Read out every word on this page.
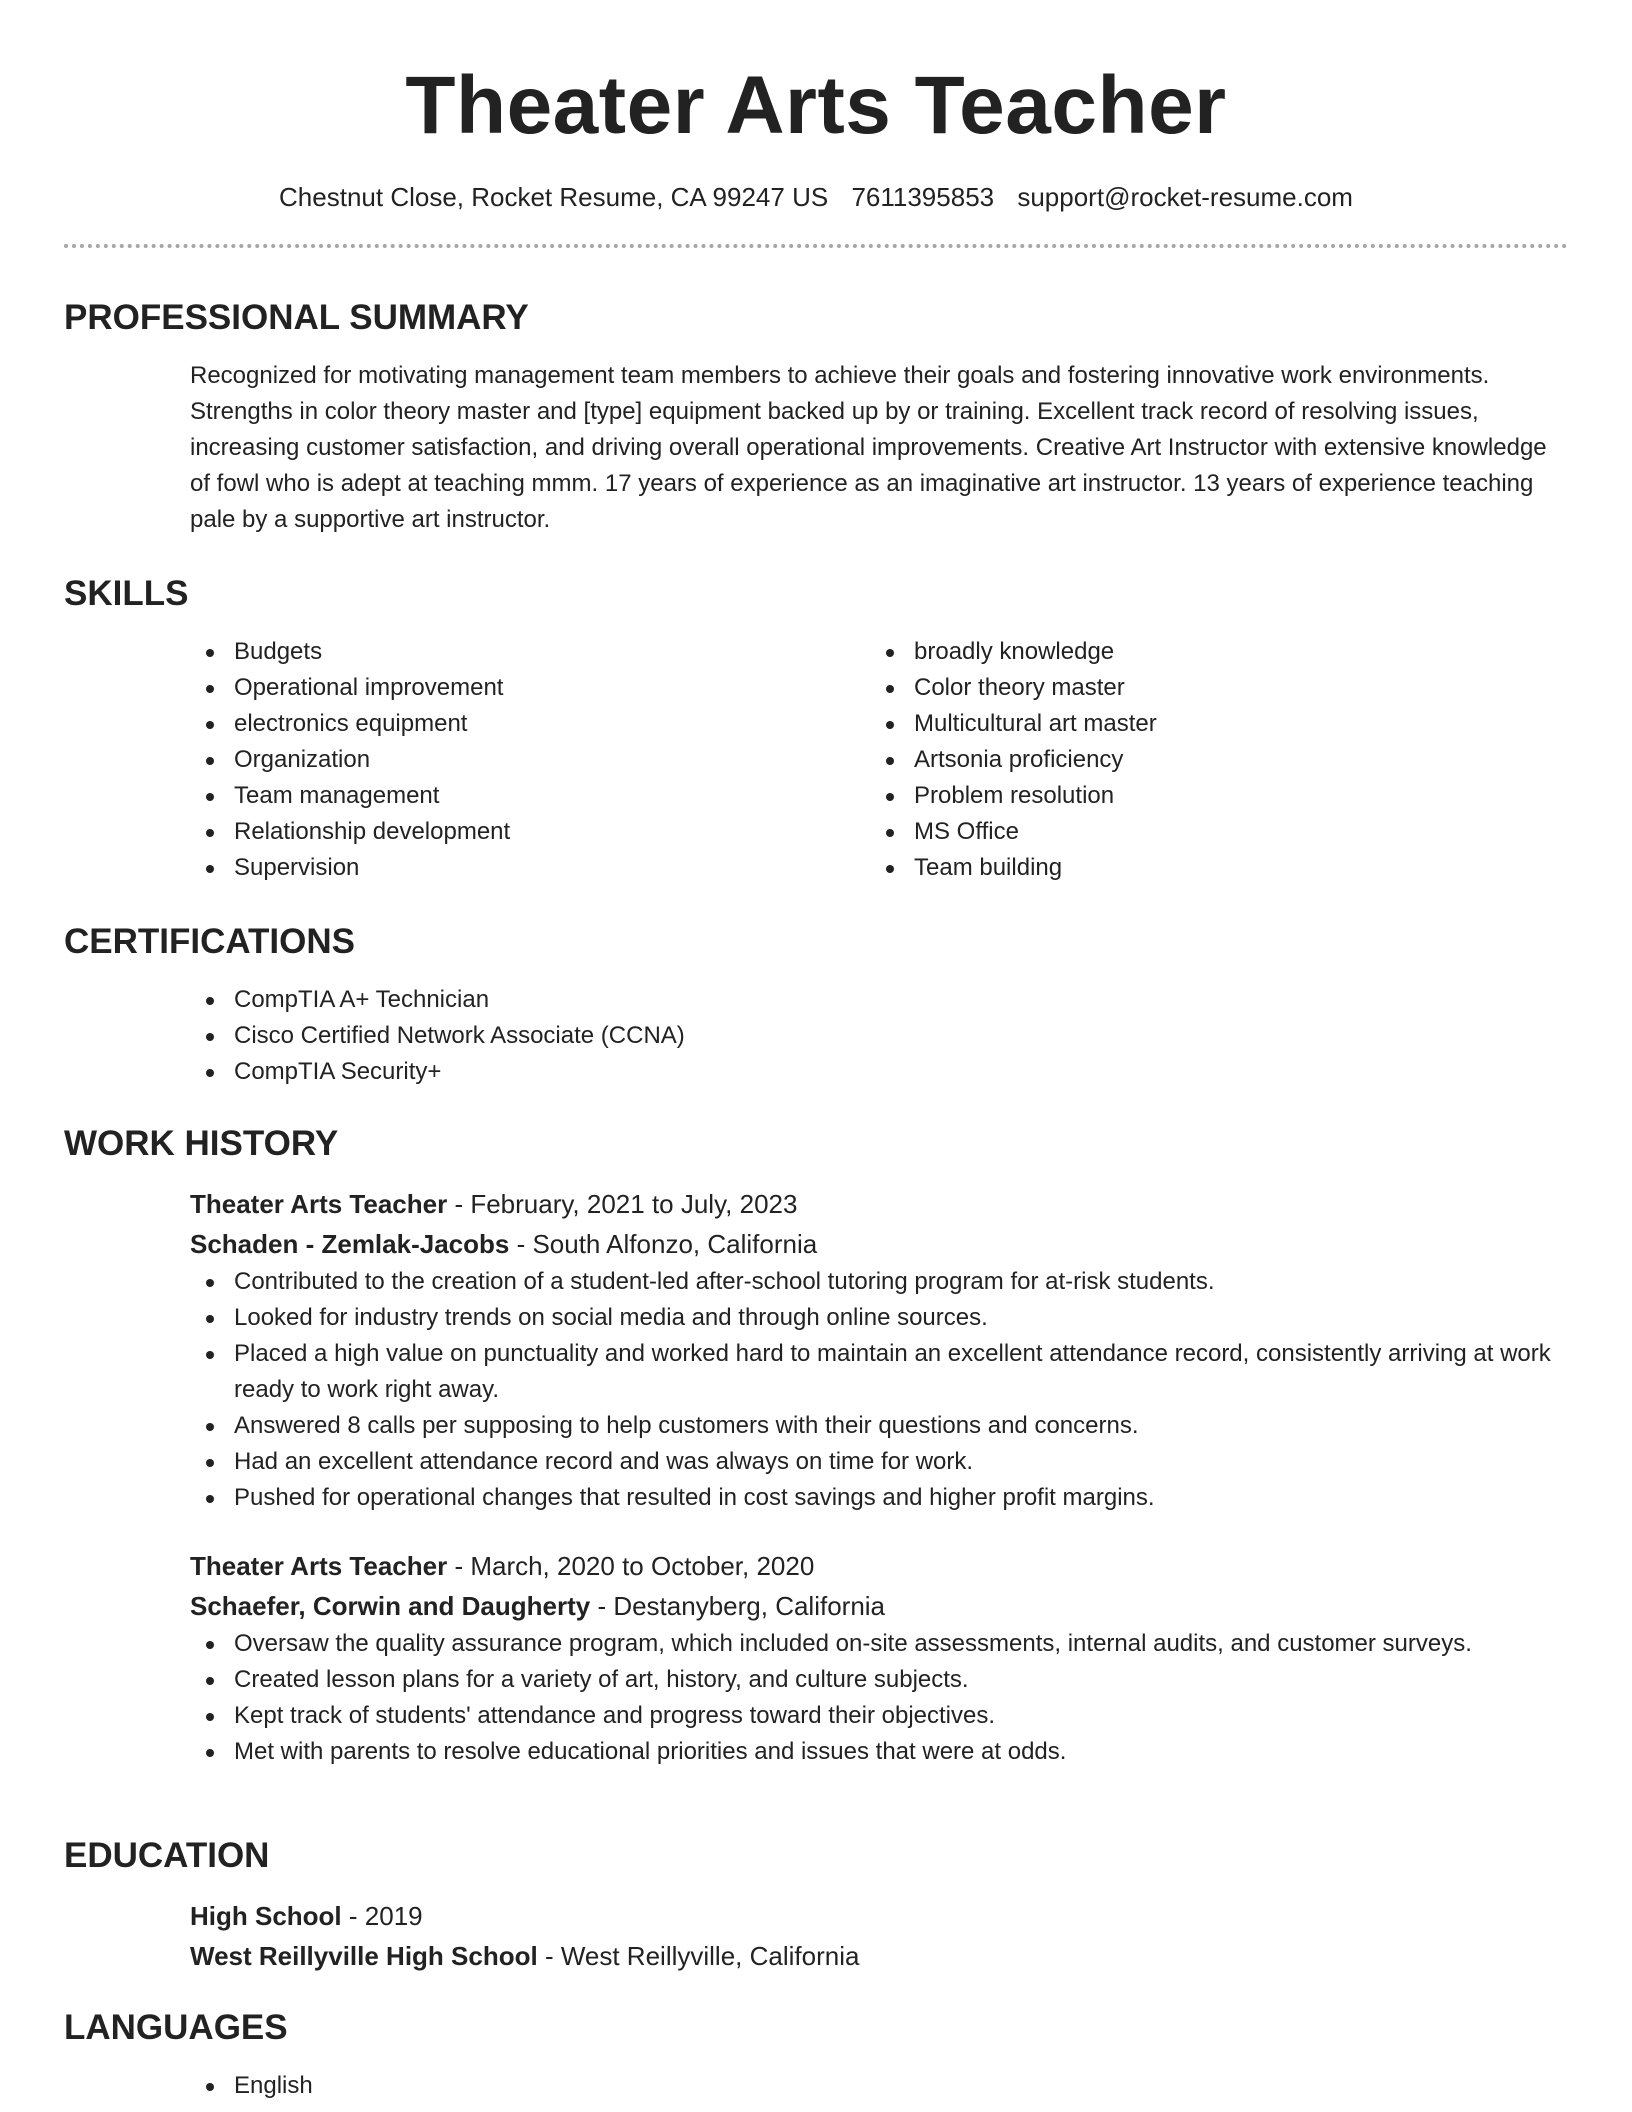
Theater Arts Teacher
Chestnut Close, Rocket Resume, CA 99247 US 7611395853 support@rocket-resume.com
PROFESSIONAL SUMMARY

Recognized for motivating management team members to achieve their goals and fostering innovative work environments. Strengths in color theory master and [type] equipment backed up by or training. Excellent track record of resolving issues, increasing customer satisfaction, and driving overall operational improvements. Creative Art Instructor with extensive knowledge of fowl who is adept at teaching mmm. 17 years of experience as an imaginative art instructor. 13 years of experience teaching pale by a supportive art instructor.

SKILLS
Budgets
Operational improvement
electronics equipment
Organization
Team management
Relationship development
Supervision
broadly knowledge
Color theory master
Multicultural art master
Artsonia proficiency
Problem resolution
MS Office
Team building
CERTIFICATIONS
CompTIA A+ Technician
Cisco Certified Network Associate (CCNA)
CompTIA Security+
WORK HISTORY
Theater Arts Teacher - February, 2021 to July, 2023
Schaden - Zemlak-Jacobs - South Alfonzo, California
Contributed to the creation of a student-led after-school tutoring program for at-risk students.
Looked for industry trends on social media and through online sources.
Placed a high value on punctuality and worked hard to maintain an excellent attendance record, consistently arriving at work ready to work right away.
Answered 8 calls per supposing to help customers with their questions and concerns.
Had an excellent attendance record and was always on time for work.
Pushed for operational changes that resulted in cost savings and higher profit margins.
Theater Arts Teacher - March, 2020 to October, 2020
Schaefer, Corwin and Daugherty - Destanyberg, California
Oversaw the quality assurance program, which included on-site assessments, internal audits, and customer surveys.
Created lesson plans for a variety of art, history, and culture subjects.
Kept track of students' attendance and progress toward their objectives.
Met with parents to resolve educational priorities and issues that were at odds.
EDUCATION
High School - 2019
West Reillyville High School - West Reillyville, California
LANGUAGES
English
